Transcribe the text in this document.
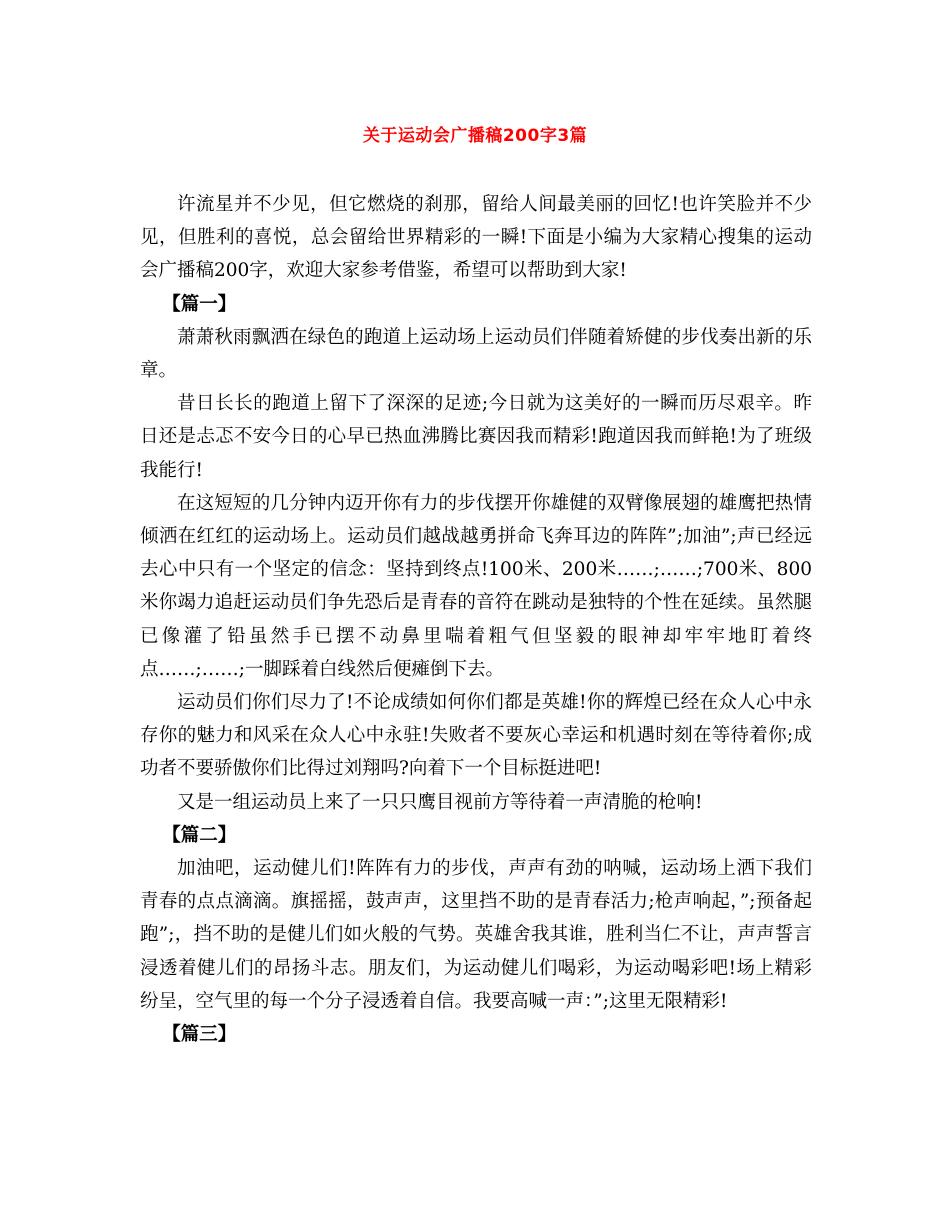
关于运动会广播稿200字3篇

许流星并不少见，但它燃烧的刹那，留给人间最美丽的回忆!也许笑脸并不少见，但胜利的喜悦，总会留给世界精彩的一瞬!下面是小编为大家精心搜集的运动会广播稿200字，欢迎大家参考借鉴，希望可以帮助到大家!

【篇一】

萧萧秋雨飘洒在绿色的跑道上运动场上运动员们伴随着矫健的步伐奏出新的乐章。

昔日长长的跑道上留下了深深的足迹;今日就为这美好的一瞬而历尽艰辛。昨日还是忐忑不安今日的心早已热血沸腾比赛因我而精彩!跑道因我而鲜艳!为了班级我能行!

在这短短的几分钟内迈开你有力的步伐摆开你雄健的双臂像展翅的雄鹰把热情倾洒在红红的运动场上。运动员们越战越勇拼命飞奔耳边的阵阵”;加油”;声已经远去心中只有一个坚定的信念：坚持到终点!100米、200米……;……;700米、800米你竭力追赶运动员们争先恐后是青春的音符在跳动是独特的个性在延续。虽然腿已像灌了铅虽然手已摆不动鼻里喘着粗气但坚毅的眼神却牢牢地盯着终点……;……;一脚踩着白线然后便瘫倒下去。

运动员们你们尽力了!不论成绩如何你们都是英雄!你的辉煌已经在众人心中永存你的魅力和风采在众人心中永驻!失败者不要灰心幸运和机遇时刻在等待着你;成功者不要骄傲你们比得过刘翔吗?向着下一个目标挺进吧!

又是一组运动员上来了一只只鹰目视前方等待着一声清脆的枪响!

【篇二】

加油吧，运动健儿们!阵阵有力的步伐，声声有劲的呐喊，运动场上洒下我们青春的点点滴滴。旗摇摇，鼓声声，这里挡不助的是青春活力;枪声响起，”;预备起跑”;，挡不助的是健儿们如火般的气势。英雄舍我其谁，胜利当仁不让，声声誓言浸透着健儿们的昂扬斗志。朋友们，为运动健儿们喝彩，为运动喝彩吧!场上精彩纷呈，空气里的每一个分子浸透着自信。我要高喊一声：”;这里无限精彩!

【篇三】
